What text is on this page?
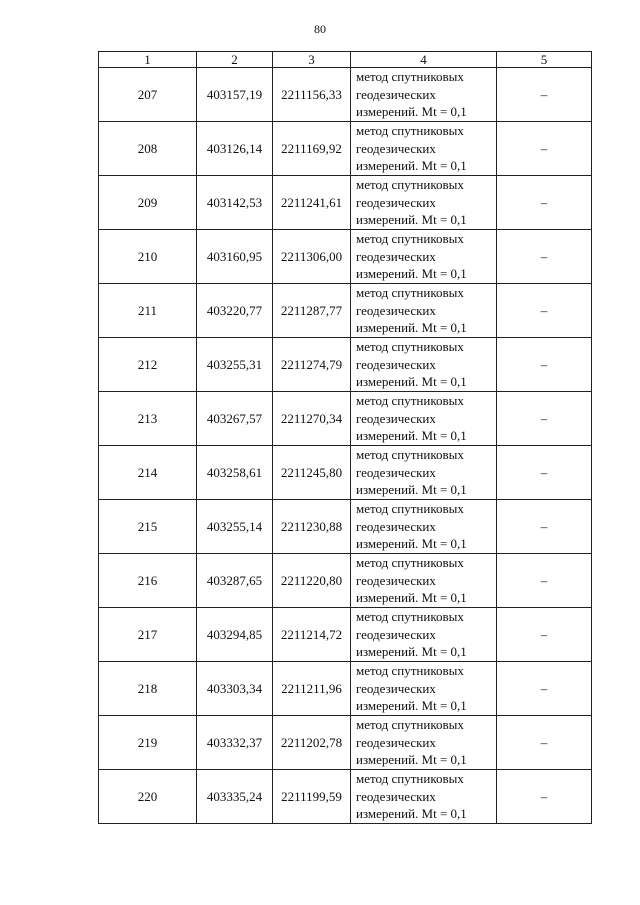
80
1	2	3	4	5
207	403157,19	2211156,33	метод спутниковых
геодезических
измерений. Mt = 0,1	–
208	403126,14	2211169,92	метод спутниковых
геодезических
измерений. Mt = 0,1	–
209	403142,53	2211241,61	метод спутниковых
геодезических
измерений. Mt = 0,1	–
210	403160,95	2211306,00	метод спутниковых
геодезических
измерений. Mt = 0,1	–
211	403220,77	2211287,77	метод спутниковых
геодезических
измерений. Mt = 0,1	–
212	403255,31	2211274,79	метод спутниковых
геодезических
измерений. Mt = 0,1	–
213	403267,57	2211270,34	метод спутниковых
геодезических
измерений. Mt = 0,1	–
214	403258,61	2211245,80	метод спутниковых
геодезических
измерений. Mt = 0,1	–
215	403255,14	2211230,88	метод спутниковых
геодезических
измерений. Mt = 0,1	–
216	403287,65	2211220,80	метод спутниковых
геодезических
измерений. Mt = 0,1	–
217	403294,85	2211214,72	метод спутниковых
геодезических
измерений. Mt = 0,1	–
218	403303,34	2211211,96	метод спутниковых
геодезических
измерений. Mt = 0,1	–
219	403332,37	2211202,78	метод спутниковых
геодезических
измерений. Mt = 0,1	–
220	403335,24	2211199,59	метод спутниковых
геодезических
измерений. Mt = 0,1	–
